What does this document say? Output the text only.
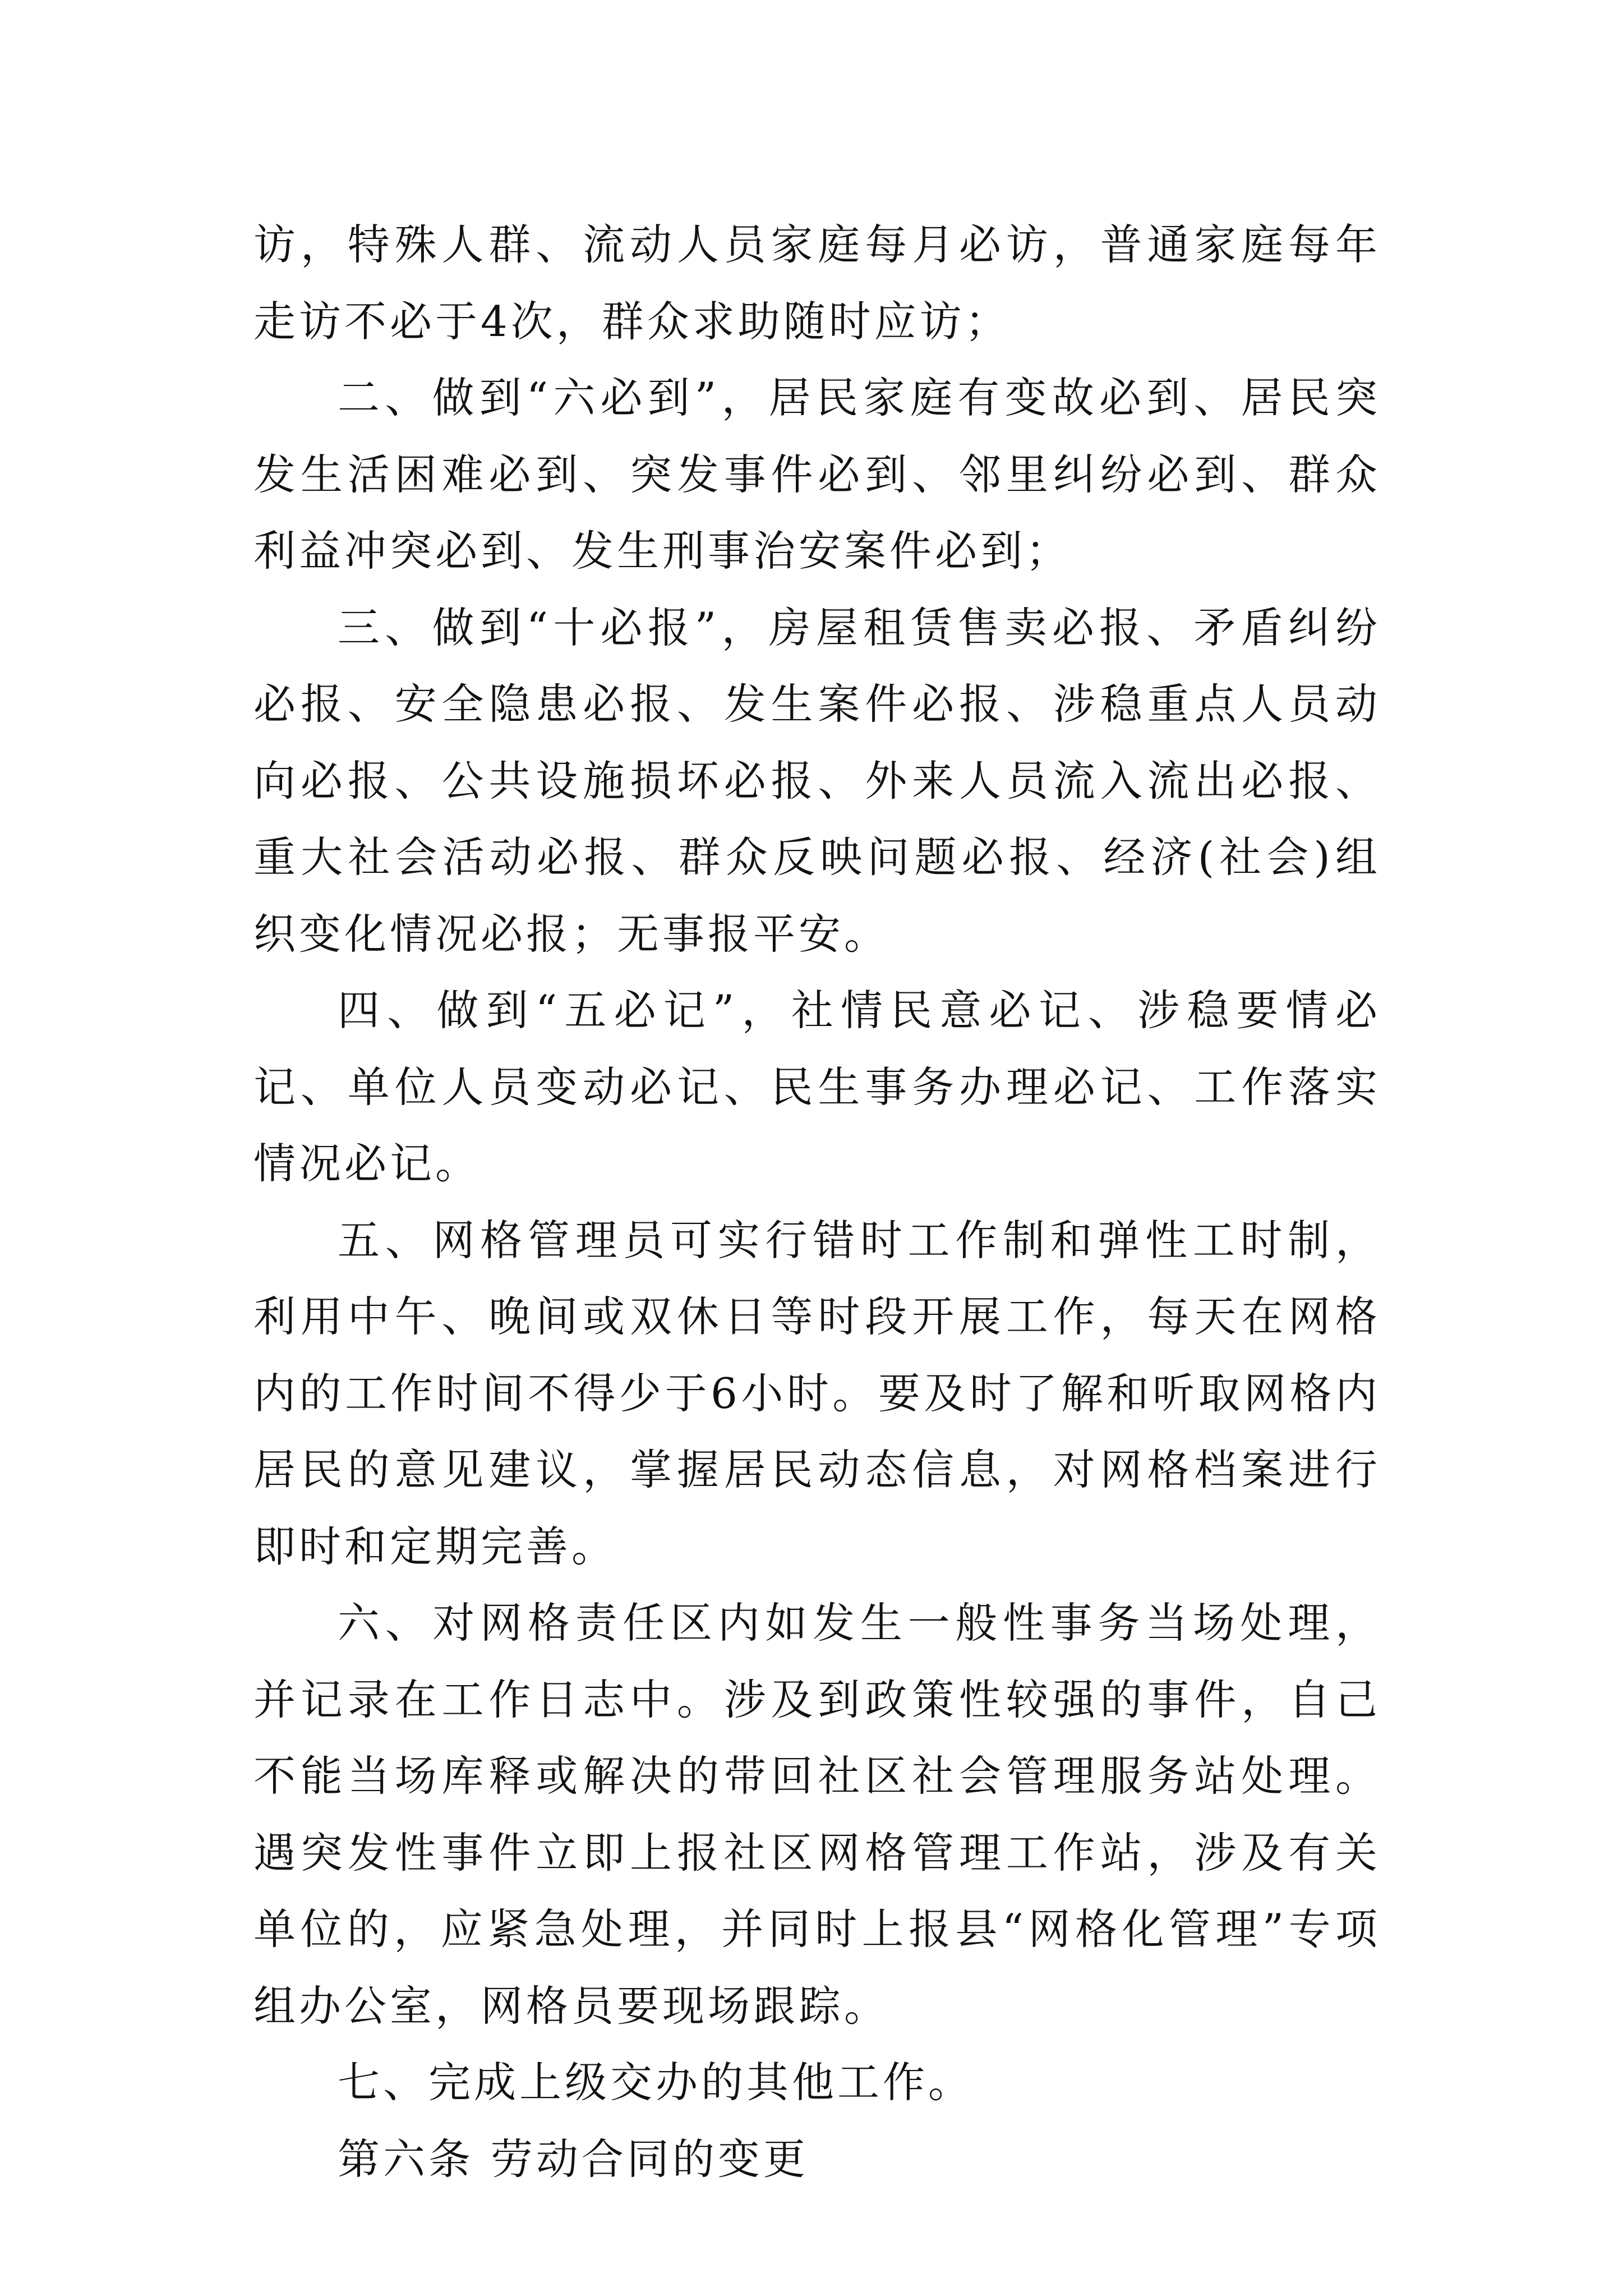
访，特殊人群、流动人员家庭每月必访，普通家庭每年走访不必于4次，群众求助随时应访；

二、做到“六必到”，居民家庭有变故必到、居民突发生活困难必到、突发事件必到、邻里纠纷必到、群众利益冲突必到、发生刑事治安案件必到；

三、做到“十必报”，房屋租赁售卖必报、矛盾纠纷必报、安全隐患必报、发生案件必报、涉稳重点人员动向必报、公共设施损坏必报、外来人员流入流出必报、重大社会活动必报、群众反映问题必报、经济(社会)组织变化情况必报；无事报平安。

四、做到“五必记”，社情民意必记、涉稳要情必记、单位人员变动必记、民生事务办理必记、工作落实情况必记。

五、网格管理员可实行错时工作制和弹性工时制，利用中午、晚间或双休日等时段开展工作，每天在网格内的工作时间不得少于6小时。要及时了解和听取网格内居民的意见建议，掌握居民动态信息，对网格档案进行即时和定期完善。

六、对网格责任区内如发生一般性事务当场处理，并记录在工作日志中。涉及到政策性较强的事件，自己不能当场库释或解决的带回社区社会管理服务站处理。遇突发性事件立即上报社区网格管理工作站，涉及有关单位的，应紧急处理，并同时上报县“网格化管理”专项组办公室，网格员要现场跟踪。

七、完成上级交办的其他工作。

第六条 劳动合同的变更
